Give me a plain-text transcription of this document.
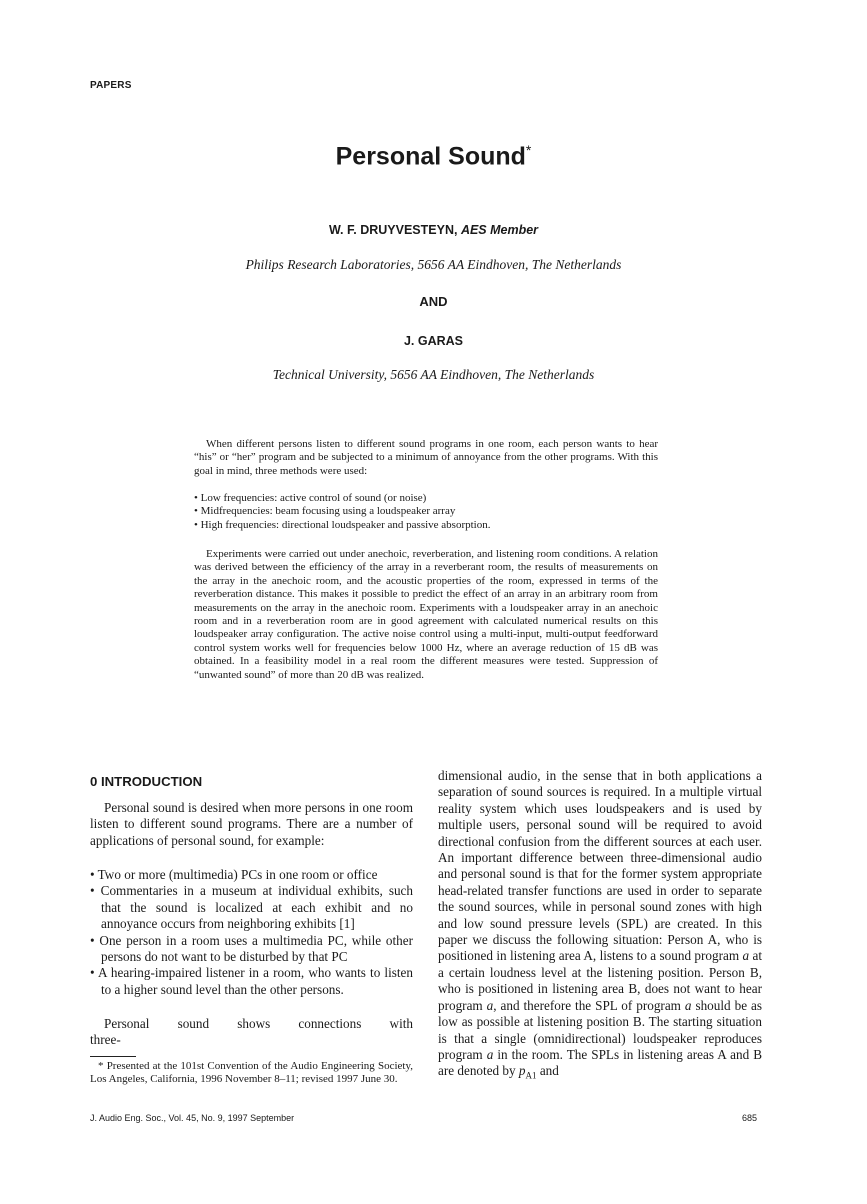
PAPERS
Personal Sound*
W. F. DRUYVESTEYN, AES Member
Philips Research Laboratories, 5656 AA Eindhoven, The Netherlands
AND
J. GARAS
Technical University, 5656 AA Eindhoven, The Netherlands

When different persons listen to different sound programs in one room, each person wants to hear “his” or “her” program and be subjected to a minimum of annoyance from the other programs. With this goal in mind, three methods were used:

• Low frequencies: active control of sound (or noise)
• Midfrequencies: beam focusing using a loudspeaker array
• High frequencies: directional loudspeaker and passive absorption.

Experiments were carried out under anechoic, reverberation, and listening room conditions. A relation was derived between the efficiency of the array in a reverberant room, the results of measurements on the array in the anechoic room, and the acoustic properties of the room, expressed in terms of the reverberation distance. This makes it possible to predict the effect of an array in an arbitrary room from measurements on the array in the anechoic room. Experiments with a loudspeaker array in an anechoic room and in a reverberation room are in good agreement with calculated numerical results on this loudspeaker array configuration. The active noise control using a multi-input, multi-output feedforward control system works well for frequencies below 1000 Hz, where an average reduction of 15 dB was obtained. In a feasibility model in a real room the different measures were tested. Suppression of “unwanted sound” of more than 20 dB was realized.

0 INTRODUCTION
Personal sound is desired when more persons in one room listen to different sound programs. There are a number of applications of personal sound, for example:
• Two or more (multimedia) PCs in one room or office
• Commentaries in a museum at individual exhibits, such that the sound is localized at each exhibit and no annoyance occurs from neighboring exhibits [1]
• One person in a room uses a multimedia PC, while other persons do not want to be disturbed by that PC
• A hearing-impaired listener in a room, who wants to listen to a higher sound level than the other persons.
Personal sound shows connections with three-

* Presented at the 101st Convention of the Audio Engineering Society, Los Angeles, California, 1996 November 8–11; revised 1997 June 30.

dimensional audio, in the sense that in both applications a separation of sound sources is required. In a multiple virtual reality system which uses loudspeakers and is used by multiple users, personal sound will be required to avoid directional confusion from the different sources at each user. An important difference between three-dimensional audio and personal sound is that for the former system appropriate head-related transfer functions are used in order to separate the sound sources, while in personal sound zones with high and low sound pressure levels (SPL) are created. In this paper we discuss the following situation: Person A, who is positioned in listening area A, listens to a sound program a at a certain loudness level at the listening position. Person B, who is positioned in listening area B, does not want to hear program a, and therefore the SPL of program a should be as low as possible at listening position B. The starting situation is that a single (omnidirectional) loudspeaker reproduces program a in the room. The SPLs in listening areas A and B are denoted by $p_{A1}$ and

J. Audio Eng. Soc., Vol. 45, No. 9, 1997 September	685
